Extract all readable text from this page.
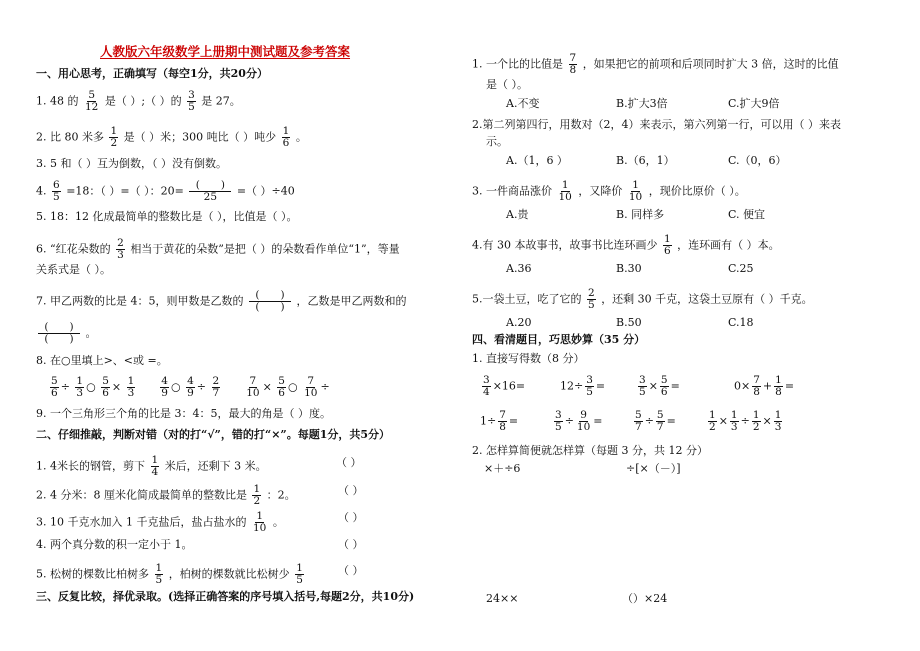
人教版六年级数学上册期中测试题及参考答案
一、用心思考，正确填写（每空1分，共20分）
1. 48 的 $\frac{5}{12}$ 是（ ）;（ ）的 $\frac{3}{5}$ 是 27。
2. 比 80 米多 $\frac{1}{2}$ 是（ ）米；300 吨比（ ）吨少 $\frac{1}{6}$ 。
3. 5 和（ ）互为倒数，（ ）没有倒数。
4. $\frac{6}{5} =18$：（ ）=（ ）：$20= \frac{( )}{25}$ =（ ）÷40
5. 18：12 化成最简单的整数比是（ ），比值是（ ）。
6. “红花朵数的 $\frac{2}{3}$ 相当于黄花的朵数”是把（ ）的朵数看作单位“1”，等量
关系式是（ ）。
7. 甲乙两数的比是 4：5，则甲数是乙数的 $\frac{( )}{( )}$ ，乙数是甲乙两数和的
$\frac{( )}{( )}$ 。
8. 在○里填上>、<或 =。
$\frac{5}{6} \div \frac{1}{3}$ ○ $\frac{5}{6} \times \frac{1}{3}$
$\frac{4}{9}$ ○ $\frac{4}{9} \div \frac{2}{7}$
$\frac{7}{10} \times \frac{5}{6}$ ○ $\frac{7}{10}$ ÷
9. 一个三角形三个角的比是 3：4：5，最大的角是（ ）度。
二、仔细推敲，判断对错（对的打“√”，错的打“×”。每题1分，共5分）
1. 4米长的钢管，剪下 $\frac{1}{4}$ 米后，还剩下 3 米。	（ ）
2. 4 分米：8 厘米化简成最简单的整数比是 $\frac{1}{2}$ ：2。	（ ）
3. 10 千克水加入 1 千克盐后，盐占盐水的 $\frac{1}{10}$ 。	（ ）
4. 两个真分数的积一定小于 1。	（ ）
5. 松树的棵数比柏树多 $\frac{1}{5}$ ，柏树的棵数就比松树少 $\frac{1}{5}$	（ ）
三、反复比较，择优录取。(选择正确答案的序号填入括号,每题2分，共10分)
1. 一个比的比值是 $\frac{7}{8}$ ，如果把它的前项和后项同时扩大 3 倍，这时的比值
是（ ）。
A.不变	B.扩大3倍	C.扩大9倍
2.第二列第四行，用数对（2，4）来表示，第六列第一行，可以用（ ）来表
示。
A.（1，6 ）	B.（6，1）	C.（0，6）
3. 一件商品涨价 $\frac{1}{10}$ ，又降价 $\frac{1}{10}$ ，现价比原价（ ）。
A.贵	B. 同样多	C. 便宜
4.有 30 本故事书，故事书比连环画少 $\frac{1}{6}$ ，连环画有（ ）本。
A.36	B.30	C.25
5.一袋土豆，吃了它的 $\frac{2}{5}$ ，还剩 30 千克，这袋土豆原有（ ）千克。
A.20	B.50	C.18
四、看清题目，巧思妙算（35 分）
1. 直接写得数（8 分）
$\frac{3}{4} \times 16=$	$12\div \frac{3}{5}$ =	$\frac{3}{5} \times \frac{5}{6}$ =	$0\times \frac{7}{8} + \frac{1}{8}$ =
$1\div \frac{7}{8}$ =	$\frac{3}{5} \div \frac{9}{10}$ =	$\frac{5}{7} \div \frac{5}{7}$ =	$\frac{1}{2} \times \frac{1}{3} \div \frac{1}{2} \times \frac{1}{3}$
2. 怎样算简便就怎样算（每题 3 分，共 12 分）
×＋÷6	÷[×（－）]
24××	（）×24
